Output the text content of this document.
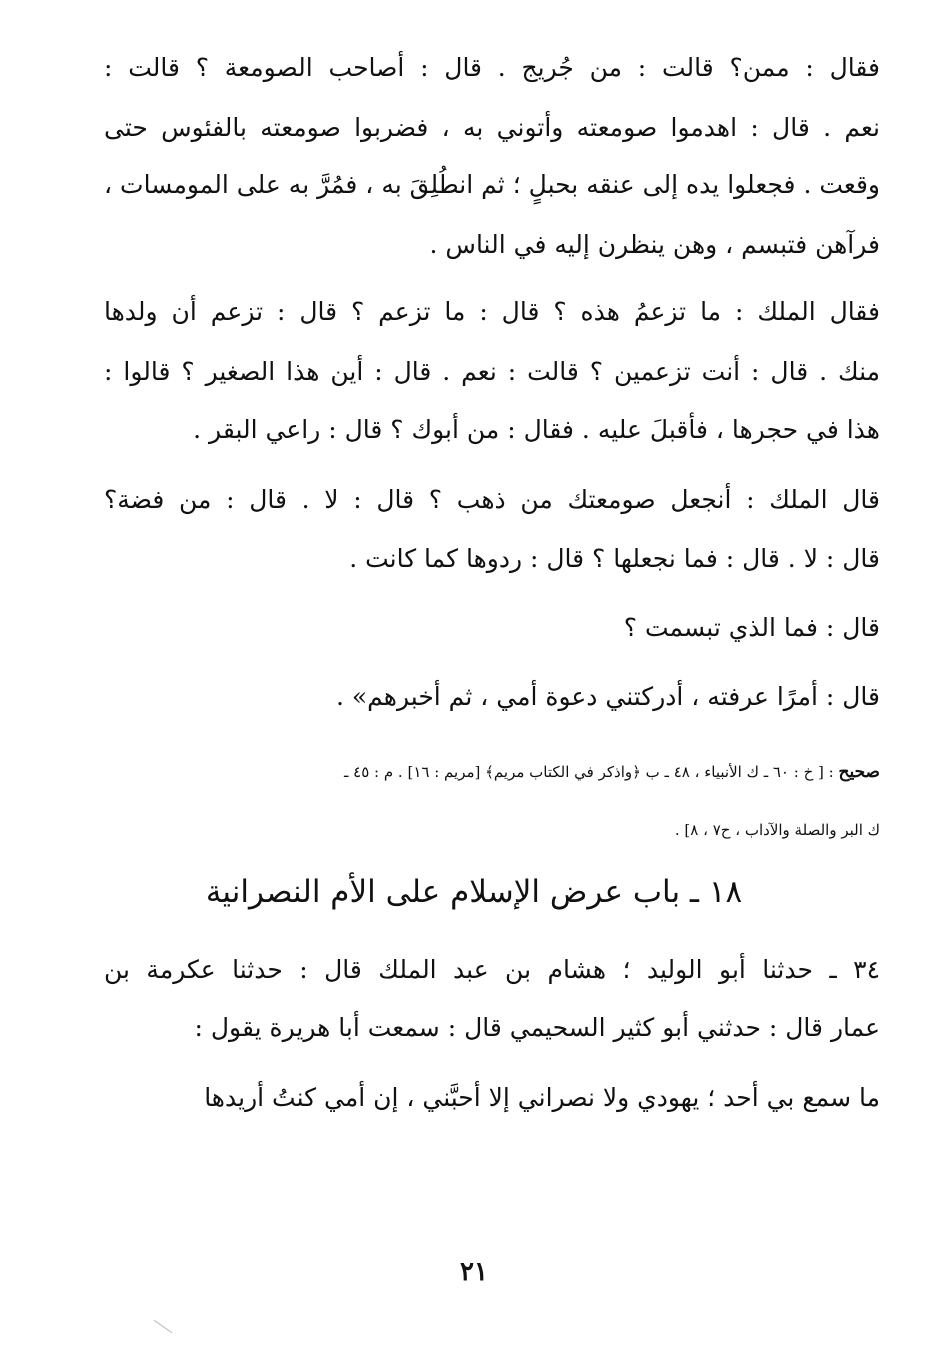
فقال : ممن؟ قالت : من جُريج . قال : أصاحب الصومعة ؟ قالت :
نعم . قال : اهدموا صومعته وأتوني به ، فضربوا صومعته بالفئوس حتى
وقعت . فجعلوا يده إلى عنقه بحبلٍ ؛ ثم انطُلِقَ به ، فمُرَّ به على المومسات ،
فرآهن فتبسم ، وهن ينظرن إليه في الناس .
فقال الملك : ما تزعمُ هذه ؟ قال : ما تزعم ؟ قال : تزعم أن ولدها
منك . قال : أنت تزعمين ؟ قالت : نعم . قال : أين هذا الصغير ؟ قالوا :
هذا في حجرها ، فأقبلَ عليه . فقال : من أبوك ؟ قال : راعي البقر .
قال الملك : أنجعل صومعتك من ذهب ؟ قال : لا . قال : من فضة؟
قال : لا . قال : فما نجعلها ؟ قال : ردوها كما كانت .
قال : فما الذي تبسمت ؟
قال : أمرًا عرفته ، أدركتني دعوة أمي ، ثم أخبرهم» .
صحيح : [ خ : ٦٠ ـ ك الأنبياء ، ٤٨ ـ ب ﴿واذكر في الكتاب مريم﴾ [مريم : ١٦] . م : ٤٥ ـ
ك البر والصلة والآداب ، ح٧ ، ٨] .
١٨ ـ باب عرض الإسلام على الأم النصرانية
٣٤ ـ حدثنا أبو الوليد ؛ هشام بن عبد الملك قال : حدثنا عكرمة بن
عمار قال : حدثني أبو كثير السحيمي قال : سمعت أبا هريرة يقول :
ما سمع بي أحد ؛ يهودي ولا نصراني إلا أحبَّني ، إن أمي كنتُ أريدها
٢١
